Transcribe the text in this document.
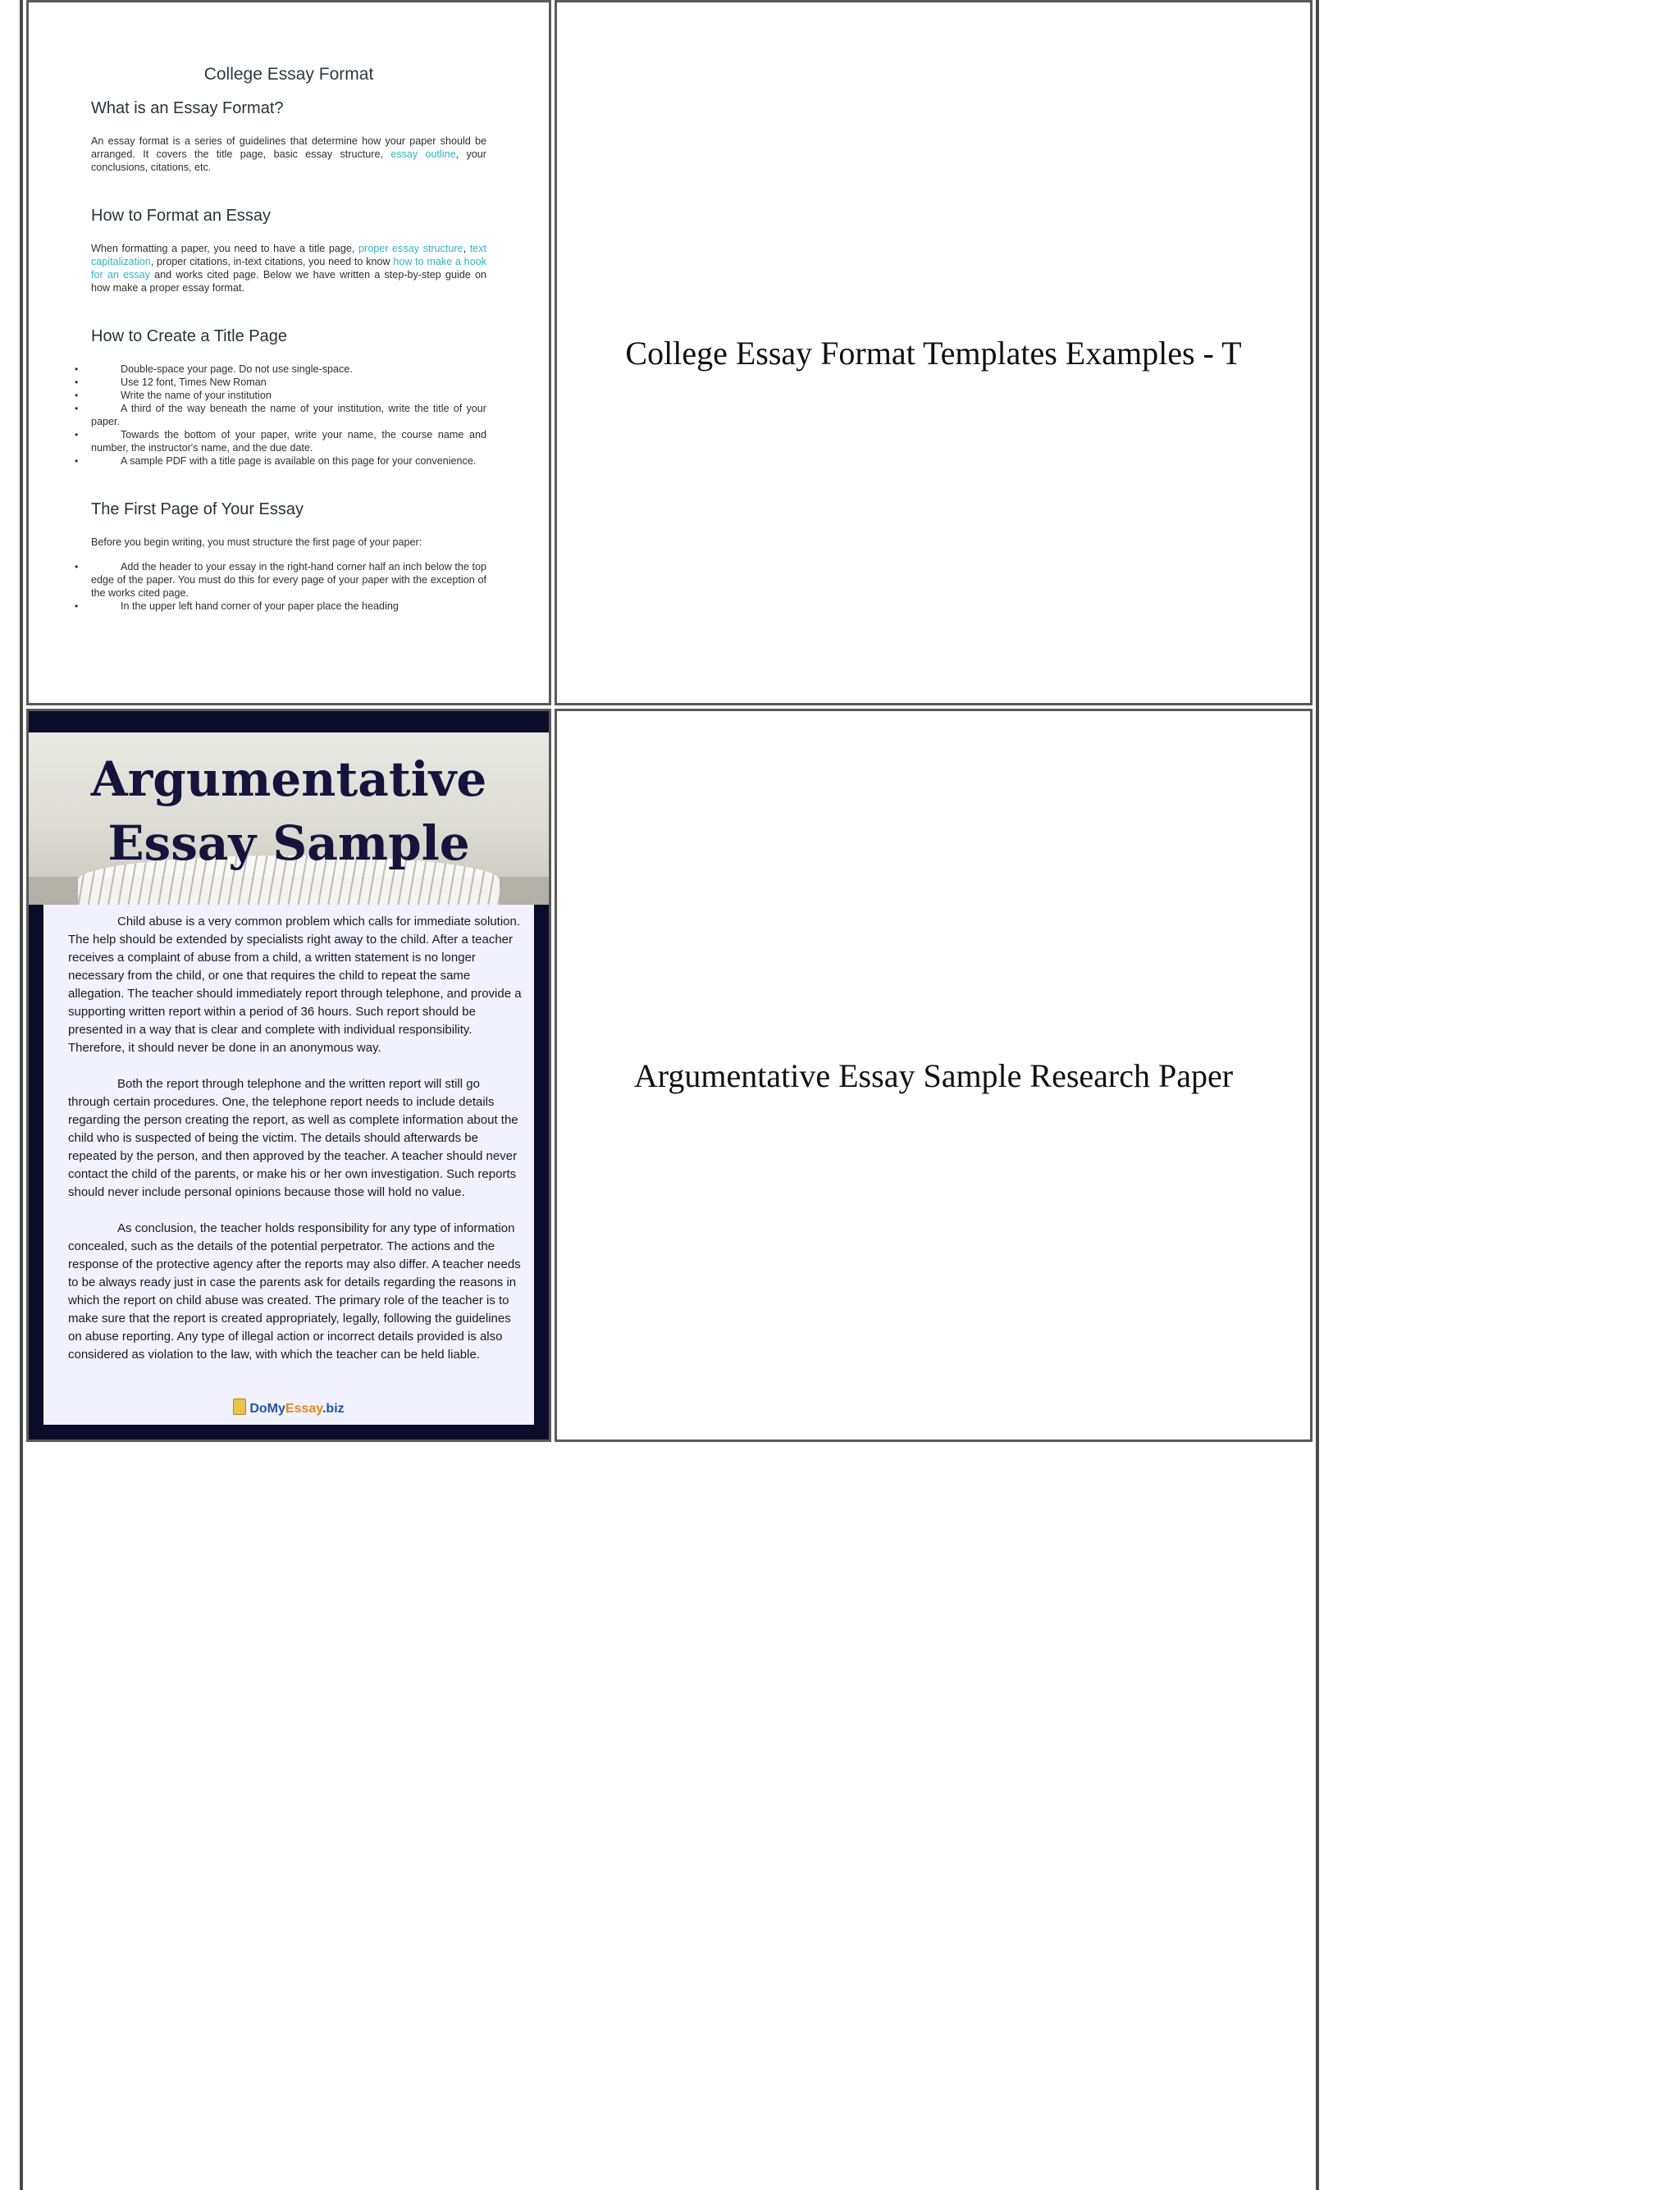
College Essay Format
What is an Essay Format?

An essay format is a series of guidelines that determine how your paper should be arranged. It covers the title page, basic essay structure, essay outline, your conclusions, citations, etc.

How to Format an Essay

When formatting a paper, you need to have a title page, proper essay structure, text capitalization, proper citations, in-text citations, you need to know how to make a hook for an essay and works cited page. Below we have written a step-by-step guide on how make a proper essay format.

How to Create a Title Page
• Double-space your page. Do not use single-space.
• Use 12 font, Times New Roman
• Write the name of your institution
• A third of the way beneath the name of your institution, write the title of your paper.
• Towards the bottom of your paper, write your name, the course name and number, the instructor's name, and the due date.
• A sample PDF with a title page is available on this page for your convenience.
The First Page of Your Essay

Before you begin writing, you must structure the first page of your paper:

• Add the header to your essay in the right-hand corner half an inch below the top edge of the paper. You must do this for every page of your paper with the exception of the works cited page.
• In the upper left hand corner of your paper place the heading
College Essay Format Templates Examples - T
Argumentative
Essay Sample

Child abuse is a very common problem which calls for immediate solution. The help should be extended by specialists right away to the child. After a teacher receives a complaint of abuse from a child, a written statement is no longer necessary from the child, or one that requires the child to repeat the same allegation. The teacher should immediately report through telephone, and provide a supporting written report within a period of 36 hours. Such report should be presented in a way that is clear and complete with individual responsibility. Therefore, it should never be done in an anonymous way.

Both the report through telephone and the written report will still go through certain procedures. One, the telephone report needs to include details regarding the person creating the report, as well as complete information about the child who is suspected of being the victim. The details should afterwards be repeated by the person, and then approved by the teacher. A teacher should never contact the child of the parents, or make his or her own investigation. Such reports should never include personal opinions because those will hold no value.

As conclusion, the teacher holds responsibility for any type of information concealed, such as the details of the potential perpetrator. The actions and the response of the protective agency after the reports may also differ. A teacher needs to be always ready just in case the parents ask for details regarding the reasons in which the report on child abuse was created. The primary role of the teacher is to make sure that the report is created appropriately, legally, following the guidelines on abuse reporting. Any type of illegal action or incorrect details provided is also considered as violation to the law, with which the teacher can be held liable.

DoMyEssay.biz
Argumentative Essay Sample Research Paper
